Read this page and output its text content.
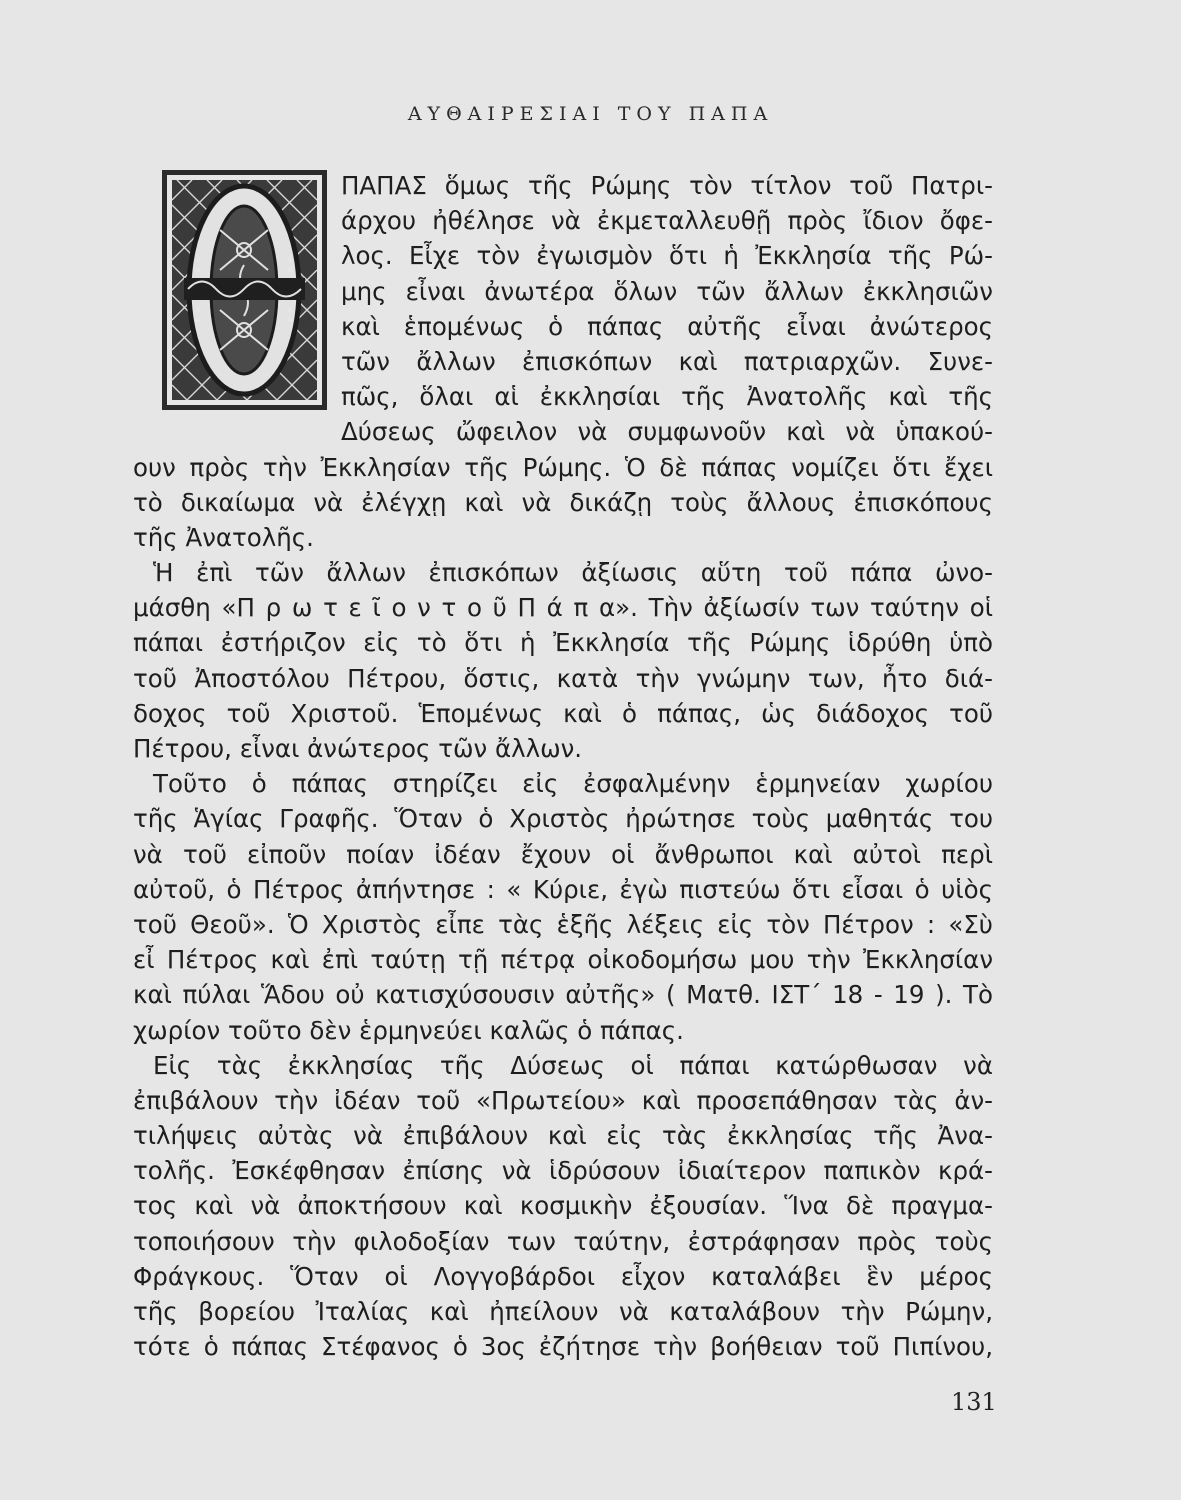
ΑΥΘΑΙΡΕΣΙΑΙ ΤΟΥ ΠΑΠΑ
ΠΑΠΑΣ ὅμως τῆς Ρώμης τὸν τίτλον τοῦ Πατρι-
άρχου ἠθέλησε νὰ ἐκμεταλλευθῇ πρὸς ἴδιον ὄφε-
λος. Εἶχε τὸν ἐγωισμὸν ὅτι ἡ Ἐκκλησία τῆς Ρώ-
μης εἶναι ἀνωτέρα ὅλων τῶν ἄλλων ἐκκλησιῶν
καὶ ἑπομένως ὁ πάπας αὐτῆς εἶναι ἀνώτερος
τῶν ἄλλων ἐπισκόπων καὶ πατριαρχῶν. Συνε-
πῶς, ὅλαι αἱ ἐκκλησίαι τῆς Ἀνατολῆς καὶ τῆς
Δύσεως ὤφειλον νὰ συμφωνοῦν καὶ νὰ ὑπακού-
ουν πρὸς τὴν Ἐκκλησίαν τῆς Ρώμης. Ὁ δὲ πάπας νομίζει ὅτι ἔχει
τὸ δικαίωμα νὰ ἐλέγχῃ καὶ νὰ δικάζῃ τοὺς ἄλλους ἐπισκόπους
τῆς Ἀνατολῆς.
Ἡ ἐπὶ τῶν ἄλλων ἐπισκόπων ἀξίωσις αὕτη τοῦ πάπα ὠνο-
μάσθη «Π ρ ω τ ε ῖ ο ν τ ο ῦ Π ά π α». Τὴν ἀξίωσίν των ταύτην οἱ
πάπαι ἐστήριζον εἰς τὸ ὅτι ἡ Ἐκκλησία τῆς Ρώμης ἱδρύθη ὑπὸ
τοῦ Ἀποστόλου Πέτρου, ὅστις, κατὰ τὴν γνώμην των, ἦτο διά-
δοχος τοῦ Χριστοῦ. Ἑπομένως καὶ ὁ πάπας, ὡς διάδοχος τοῦ
Πέτρου, εἶναι ἀνώτερος τῶν ἄλλων.
Τοῦτο ὁ πάπας στηρίζει εἰς ἐσφαλμένην ἑρμηνείαν χωρίου
τῆς Ἁγίας Γραφῆς. Ὅταν ὁ Χριστὸς ἠρώτησε τοὺς μαθητάς του
νὰ τοῦ εἰποῦν ποίαν ἰδέαν ἔχουν οἱ ἄνθρωποι καὶ αὐτοὶ περὶ
αὐτοῦ, ὁ Πέτρος ἀπήντησε : « Κύριε, ἐγὼ πιστεύω ὅτι εἶσαι ὁ υἱὸς
τοῦ Θεοῦ». Ὁ Χριστὸς εἶπε τὰς ἑξῆς λέξεις εἰς τὸν Πέτρον : «Σὺ
εἶ Πέτρος καὶ ἐπὶ ταύτῃ τῇ πέτρᾳ οἰκοδομήσω μου τὴν Ἐκκλησίαν
καὶ πύλαι Ἅδου οὐ κατισχύσουσιν αὐτῆς» ( Ματθ. ΙΣΤ΄ 18 - 19 ). Τὸ
χωρίον τοῦτο δὲν ἑρμηνεύει καλῶς ὁ πάπας.
Εἰς τὰς ἐκκλησίας τῆς Δύσεως οἱ πάπαι κατώρθωσαν νὰ
ἐπιβάλουν τὴν ἰδέαν τοῦ «Πρωτείου» καὶ προσεπάθησαν τὰς ἀν-
τιλήψεις αὐτὰς νὰ ἐπιβάλουν καὶ εἰς τὰς ἐκκλησίας τῆς Ἀνα-
τολῆς. Ἐσκέφθησαν ἐπίσης νὰ ἱδρύσουν ἰδιαίτερον παπικὸν κρά-
τος καὶ νὰ ἀποκτήσουν καὶ κοσμικὴν ἐξουσίαν. Ἵνα δὲ πραγμα-
τοποιήσουν τὴν φιλοδοξίαν των ταύτην, ἐστράφησαν πρὸς τοὺς
Φράγκους. Ὅταν οἱ Λογγοβάρδοι εἶχον καταλάβει ἓν μέρος
τῆς βορείου Ἰταλίας καὶ ἠπείλουν νὰ καταλάβουν τὴν Ρώμην,
τότε ὁ πάπας Στέφανος ὁ 3ος ἐζήτησε τὴν βοήθειαν τοῦ Πιπίνου,
131
